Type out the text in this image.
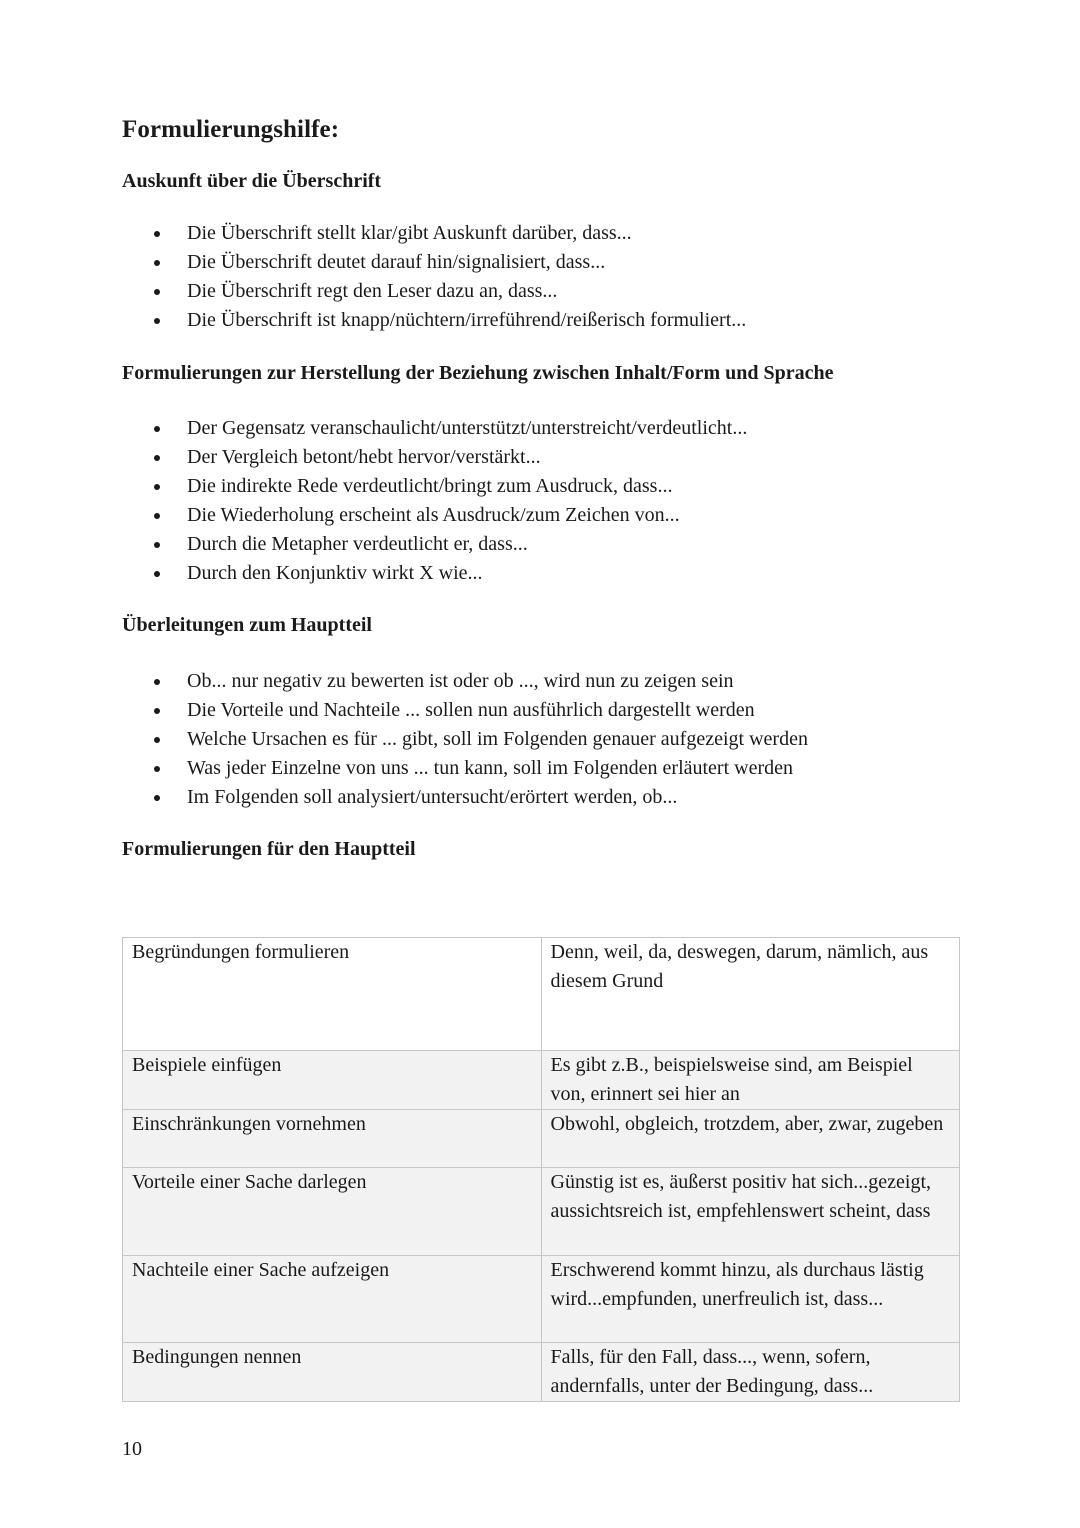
Formulierungshilfe:
Auskunft über die Überschrift
Die Überschrift stellt klar/gibt Auskunft darüber, dass...
Die Überschrift deutet darauf hin/signalisiert, dass...
Die Überschrift regt den Leser dazu an, dass...
Die Überschrift ist knapp/nüchtern/irreführend/reißerisch formuliert...
Formulierungen zur Herstellung der Beziehung zwischen Inhalt/Form und Sprache
Der Gegensatz veranschaulicht/unterstützt/unterstreicht/verdeutlicht...
Der Vergleich betont/hebt hervor/verstärkt...
Die indirekte Rede verdeutlicht/bringt zum Ausdruck, dass...
Die Wiederholung erscheint als Ausdruck/zum Zeichen von...
Durch die Metapher verdeutlicht er, dass...
Durch den Konjunktiv wirkt X wie...
Überleitungen zum Hauptteil
Ob... nur negativ zu bewerten ist oder ob ..., wird nun zu zeigen sein
Die Vorteile und Nachteile ... sollen nun ausführlich dargestellt werden
Welche Ursachen es für ... gibt, soll im Folgenden genauer aufgezeigt werden
Was jeder Einzelne von uns ... tun kann, soll im Folgenden erläutert werden
Im Folgenden soll analysiert/untersucht/erörtert werden, ob...
Formulierungen für den Hauptteil
Begründungen formulieren	Denn, weil, da, deswegen, darum, nämlich, aus diesem Grund
Beispiele einfügen	Es gibt z.B., beispielsweise sind, am Beispiel von, erinnert sei hier an
Einschränkungen vornehmen	Obwohl, obgleich, trotzdem, aber, zwar, zugeben
Vorteile einer Sache darlegen	Günstig ist es, äußerst positiv hat sich...gezeigt, aussichtsreich ist, empfehlenswert scheint, dass
Nachteile einer Sache aufzeigen	Erschwerend kommt hinzu, als durchaus lästig wird...empfunden, unerfreulich ist, dass...
Bedingungen nennen	Falls, für den Fall, dass..., wenn, sofern, andernfalls, unter der Bedingung, dass...
10
